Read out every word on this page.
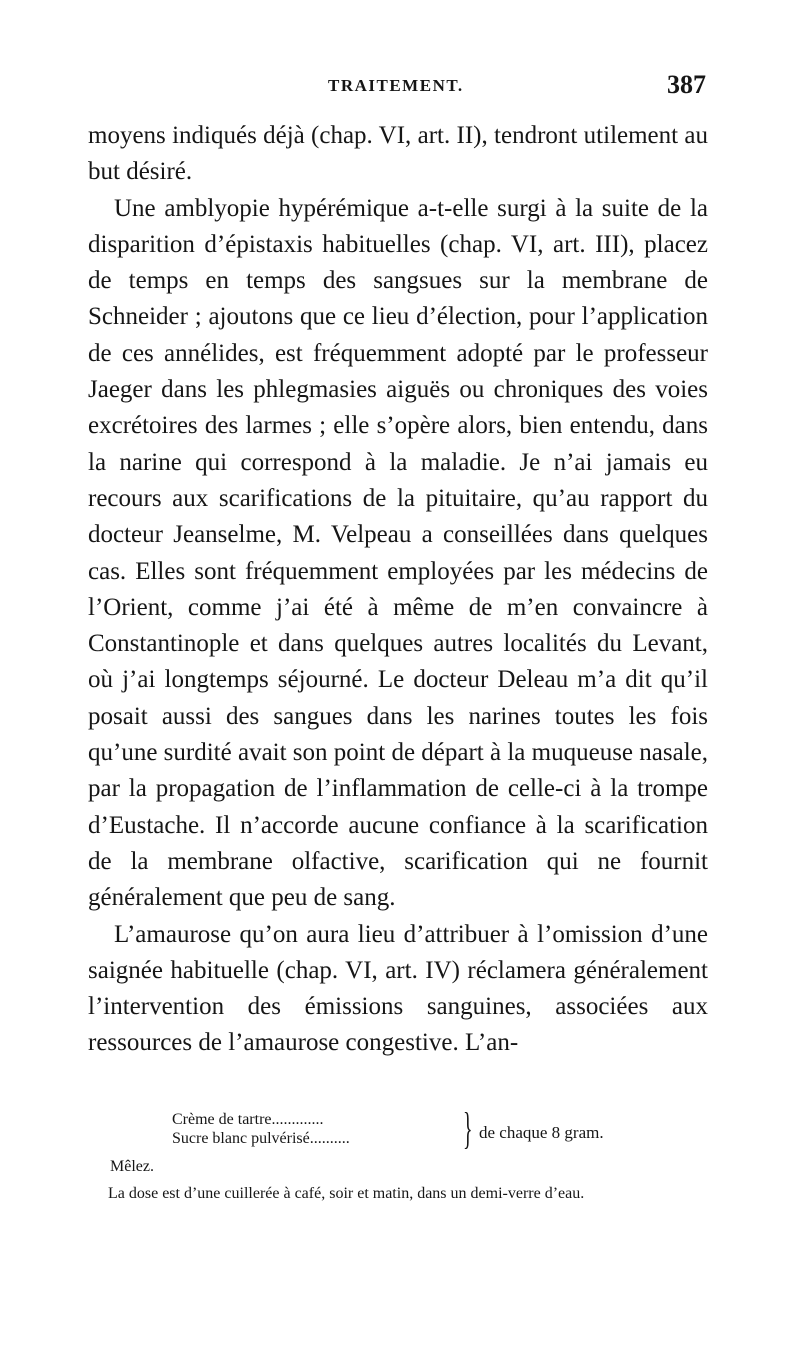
TRAITEMENT.	387

moyens indiqués déjà (chap. VI, art. II), tendront utilement au but désiré.

Une amblyopie hypérémique a-t-elle surgi à la suite de la disparition d’épistaxis habituelles (chap. VI, art. III), placez de temps en temps des sangsues sur la membrane de Schneider ; ajoutons que ce lieu d’élection, pour l’application de ces annélides, est fréquemment adopté par le professeur Jaeger dans les phlegmasies aiguës ou chroniques des voies excrétoires des larmes ; elle s’opère alors, bien entendu, dans la narine qui correspond à la maladie. Je n’ai jamais eu recours aux scarifications de la pituitaire, qu’au rapport du docteur Jeanselme, M. Velpeau a conseillées dans quelques cas. Elles sont fréquemment employées par les médecins de l’Orient, comme j’ai été à même de m’en convaincre à Constantinople et dans quelques autres localités du Levant, où j’ai longtemps séjourné. Le docteur Deleau m’a dit qu’il posait aussi des sangues dans les narines toutes les fois qu’une surdité avait son point de départ à la muqueuse nasale, par la propagation de l’inflammation de celle-ci à la trompe d’Eustache. Il n’accorde aucune confiance à la scarification de la membrane olfactive, scarification qui ne fournit généralement que peu de sang.

L’amaurose qu’on aura lieu d’attribuer à l’omission d’une saignée habituelle (chap. VI, art. IV) réclamera généralement l’intervention des émissions sanguines, associées aux ressources de l’amaurose congestive. L’an-

Crème de tartre.............
Sucre blanc pulvérisé..........	} de chaque 8 gram.
Mêlez.
La dose est d’une cuillerée à café, soir et matin, dans un demi-verre d’eau.
